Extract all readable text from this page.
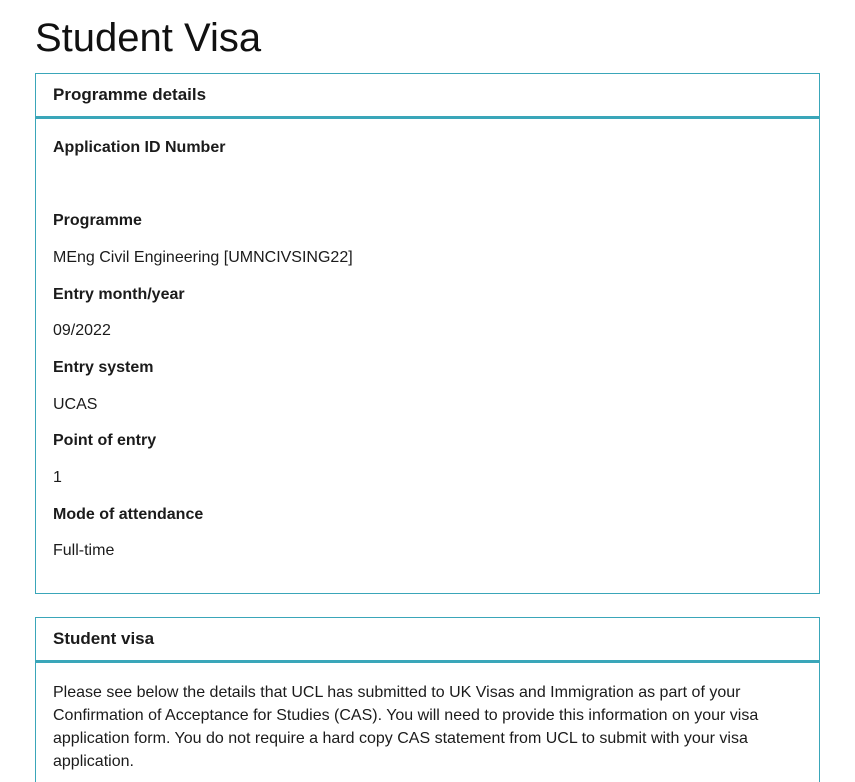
Student Visa
Programme details

Application ID Number

Programme

MEng Civil Engineering [UMNCIVSING22]

Entry month/year

09/2022

Entry system

UCAS

Point of entry

1

Mode of attendance

Full-time

Student visa

Please see below the details that UCL has submitted to UK Visas and Immigration as part of your Confirmation of Acceptance for Studies (CAS). You will need to provide this information on your visa application form. You do not require a hard copy CAS statement from UCL to submit with your visa application.
